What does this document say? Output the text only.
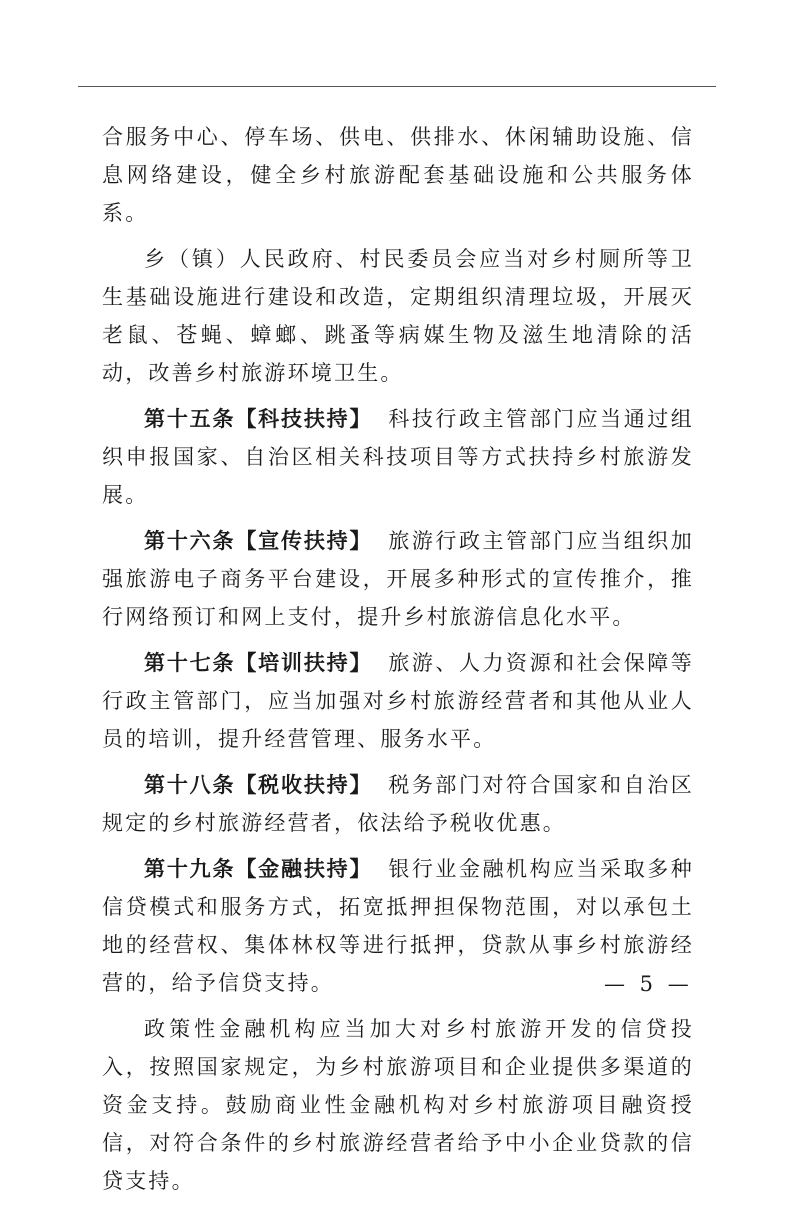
合服务中心、停车场、供电、供排水、休闲辅助设施、信息网络建设，健全乡村旅游配套基础设施和公共服务体系。

乡（镇）人民政府、村民委员会应当对乡村厕所等卫生基础设施进行建设和改造，定期组织清理垃圾，开展灭老鼠、苍蝇、蟑螂、跳蚤等病媒生物及滋生地清除的活动，改善乡村旅游环境卫生。

第十五条【科技扶持】 科技行政主管部门应当通过组织申报国家、自治区相关科技项目等方式扶持乡村旅游发展。

第十六条【宣传扶持】 旅游行政主管部门应当组织加强旅游电子商务平台建设，开展多种形式的宣传推介，推行网络预订和网上支付，提升乡村旅游信息化水平。

第十七条【培训扶持】 旅游、人力资源和社会保障等行政主管部门，应当加强对乡村旅游经营者和其他从业人员的培训，提升经营管理、服务水平。

第十八条【税收扶持】 税务部门对符合国家和自治区规定的乡村旅游经营者，依法给予税收优惠。

第十九条【金融扶持】 银行业金融机构应当采取多种信贷模式和服务方式，拓宽抵押担保物范围，对以承包土地的经营权、集体林权等进行抵押，贷款从事乡村旅游经营的，给予信贷支持。

政策性金融机构应当加大对乡村旅游开发的信贷投入，按照国家规定，为乡村旅游项目和企业提供多渠道的资金支持。鼓励商业性金融机构对乡村旅游项目融资授信，对符合条件的乡村旅游经营者给予中小企业贷款的信贷支持。

— 5 —
